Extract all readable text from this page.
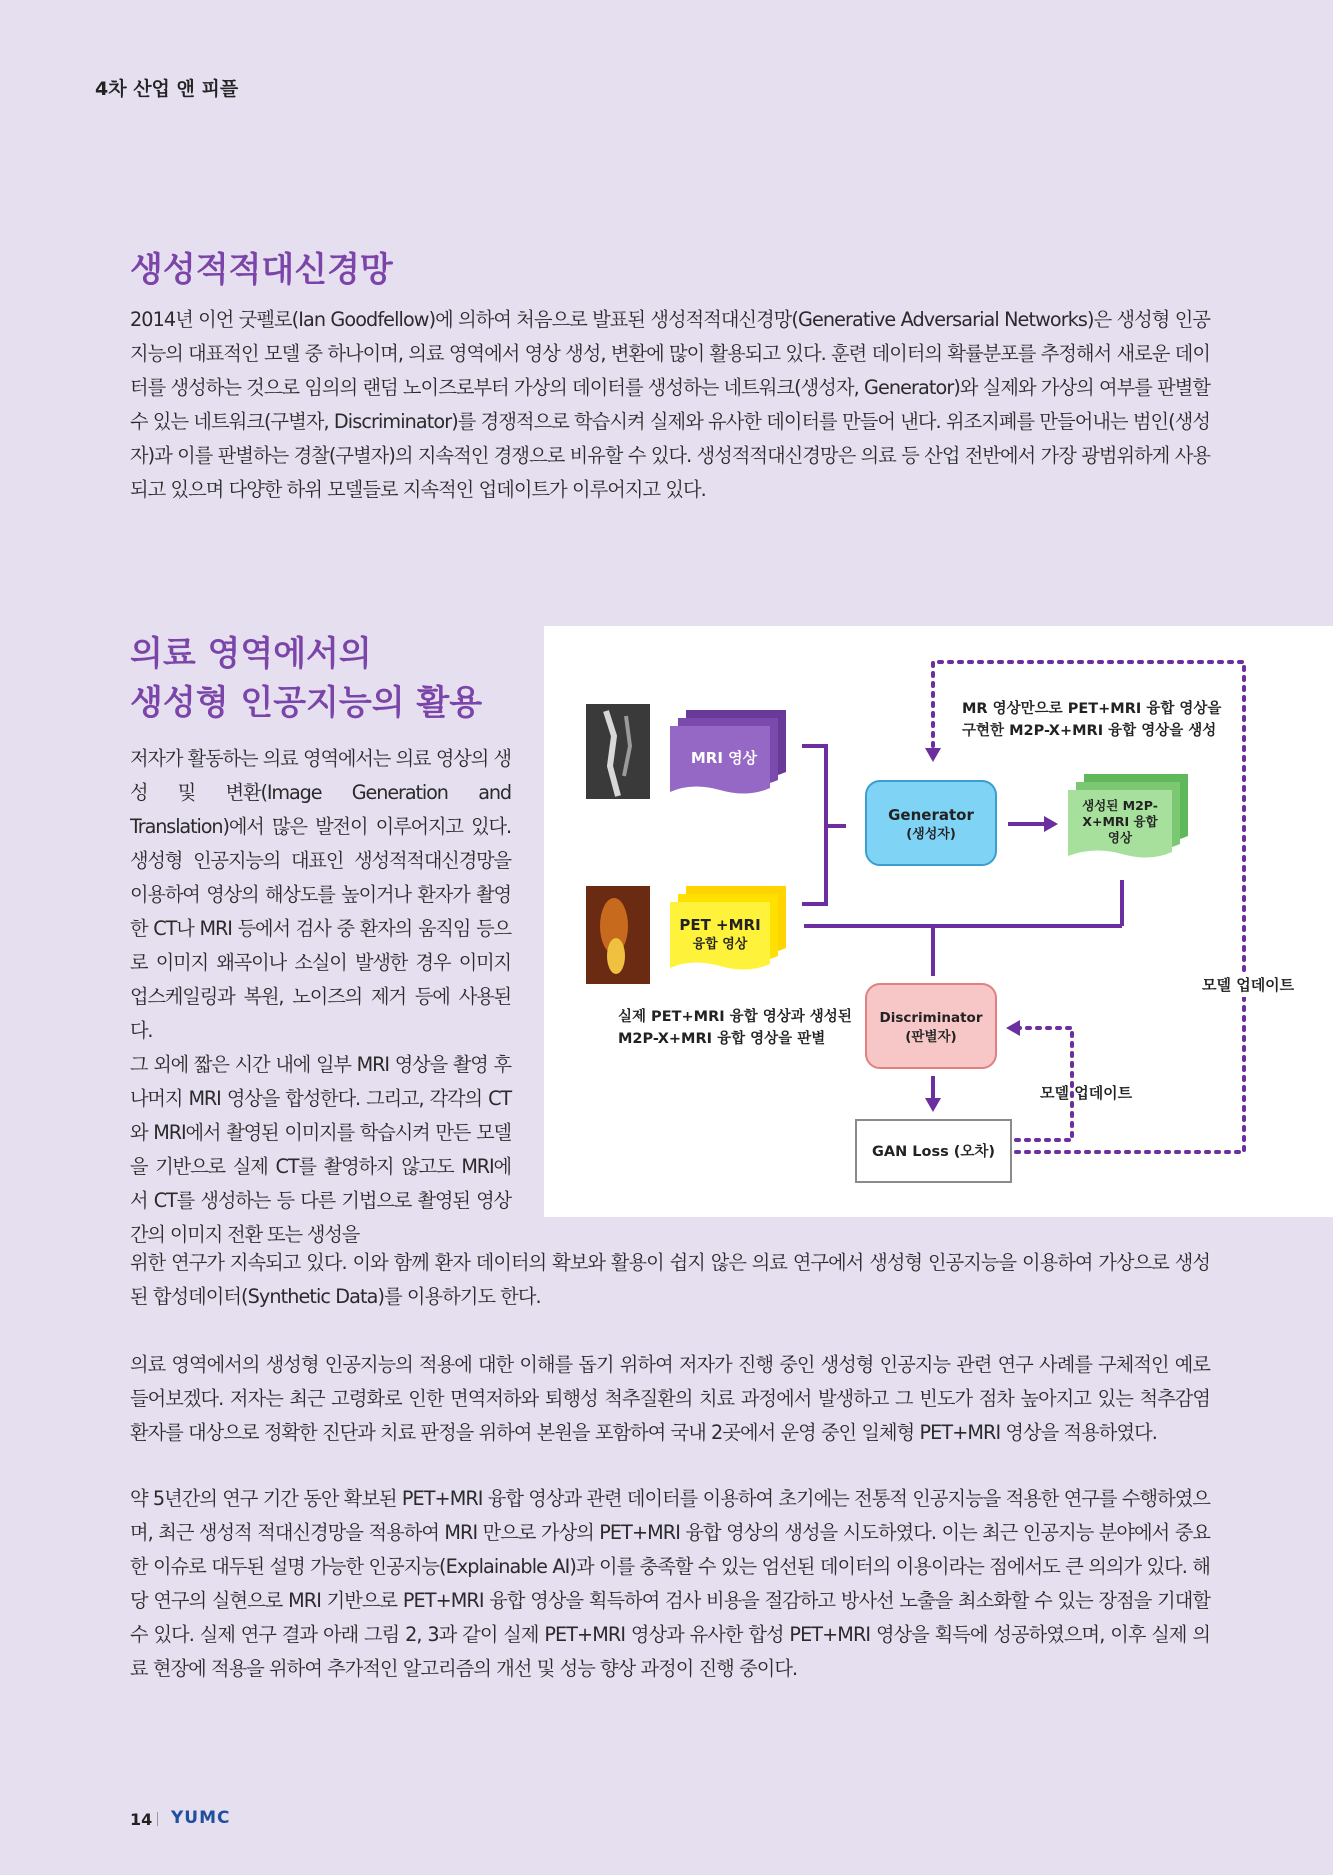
4차 산업 앤 피플
생성적적대신경망

2014년 이언 굿펠로(Ian Goodfellow)에 의하여 처음으로 발표된 생성적적대신경망(Generative Adversarial Networks)은 생성형 인공지능의 대표적인 모델 중 하나이며, 의료 영역에서 영상 생성, 변환에 많이 활용되고 있다. 훈련 데이터의 확률분포를 추정해서 새로운 데이터를 생성하는 것으로 임의의 랜덤 노이즈로부터 가상의 데이터를 생성하는 네트워크(생성자, Generator)와 실제와 가상의 여부를 판별할 수 있는 네트워크(구별자, Discriminator)를 경쟁적으로 학습시켜 실제와 유사한 데이터를 만들어 낸다. 위조지폐를 만들어내는 범인(생성자)과 이를 판별하는 경찰(구별자)의 지속적인 경쟁으로 비유할 수 있다. 생성적적대신경망은 의료 등 산업 전반에서 가장 광범위하게 사용되고 있으며 다양한 하위 모델들로 지속적인 업데이트가 이루어지고 있다.

의료 영역에서의
생성형 인공지능의 활용
저자가 활동하는 의료 영역에서는 의료 영상의 생성 및 변환(Image Generation and Translation)에서 많은 발전이 이루어지고 있다. 생성형 인공지능의 대표인 생성적적대신경망을 이용하여 영상의 해상도를 높이거나 환자가 촬영한 CT나 MRI 등에서 검사 중 환자의 움직임 등으로 이미지 왜곡이나 소실이 발생한 경우 이미지 업스케일링과 복원, 노이즈의 제거 등에 사용된다.
그 외에 짧은 시간 내에 일부 MRI 영상을 촬영 후 나머지 MRI 영상을 합성한다. 그리고, 각각의 CT와 MRI에서 촬영된 이미지를 학습시켜 만든 모델을 기반으로 실제 CT를 촬영하지 않고도 MRI에서 CT를 생성하는 등 다른 기법으로 촬영된 영상 간의 이미지 전환 또는 생성을
MRI 영상
PET +MRI
융합 영상
Generator
(생성자)
생성된 M2P-
X+MRI 융합
영상
MR 영상만으로 PET+MRI 융합 영상을
구현한 M2P-X+MRI 융합 영상을 생성
실제 PET+MRI 융합 영상과 생성된
M2P-X+MRI 융합 영상을 판별
Discriminator
(판별자)
모델 업데이트
모델 업데이트
GAN Loss (오차)

위한 연구가 지속되고 있다. 이와 함께 환자 데이터의 확보와 활용이 쉽지 않은 의료 연구에서 생성형 인공지능을 이용하여 가상으로 생성된 합성데이터(Synthetic Data)를 이용하기도 한다.

의료 영역에서의 생성형 인공지능의 적용에 대한 이해를 돕기 위하여 저자가 진행 중인 생성형 인공지능 관련 연구 사례를 구체적인 예로 들어보겠다. 저자는 최근 고령화로 인한 면역저하와 퇴행성 척추질환의 치료 과정에서 발생하고 그 빈도가 점차 높아지고 있는 척추감염 환자를 대상으로 정확한 진단과 치료 판정을 위하여 본원을 포함하여 국내 2곳에서 운영 중인 일체형 PET+MRI 영상을 적용하였다.

약 5년간의 연구 기간 동안 확보된 PET+MRI 융합 영상과 관련 데이터를 이용하여 초기에는 전통적 인공지능을 적용한 연구를 수행하였으며, 최근 생성적 적대신경망을 적용하여 MRI 만으로 가상의 PET+MRI 융합 영상의 생성을 시도하였다. 이는 최근 인공지능 분야에서 중요한 이슈로 대두된 설명 가능한 인공지능(Explainable AI)과 이를 충족할 수 있는 엄선된 데이터의 이용이라는 점에서도 큰 의의가 있다. 해당 연구의 실현으로 MRI 기반으로 PET+MRI 융합 영상을 획득하여 검사 비용을 절감하고 방사선 노출을 최소화할 수 있는 장점을 기대할 수 있다. 실제 연구 결과 아래 그림 2, 3과 같이 실제 PET+MRI 영상과 유사한 합성 PET+MRI 영상을 획득에 성공하였으며, 이후 실제 의료 현장에 적용을 위하여 추가적인 알고리즘의 개선 및 성능 향상 과정이 진행 중이다.

14 YUMC
